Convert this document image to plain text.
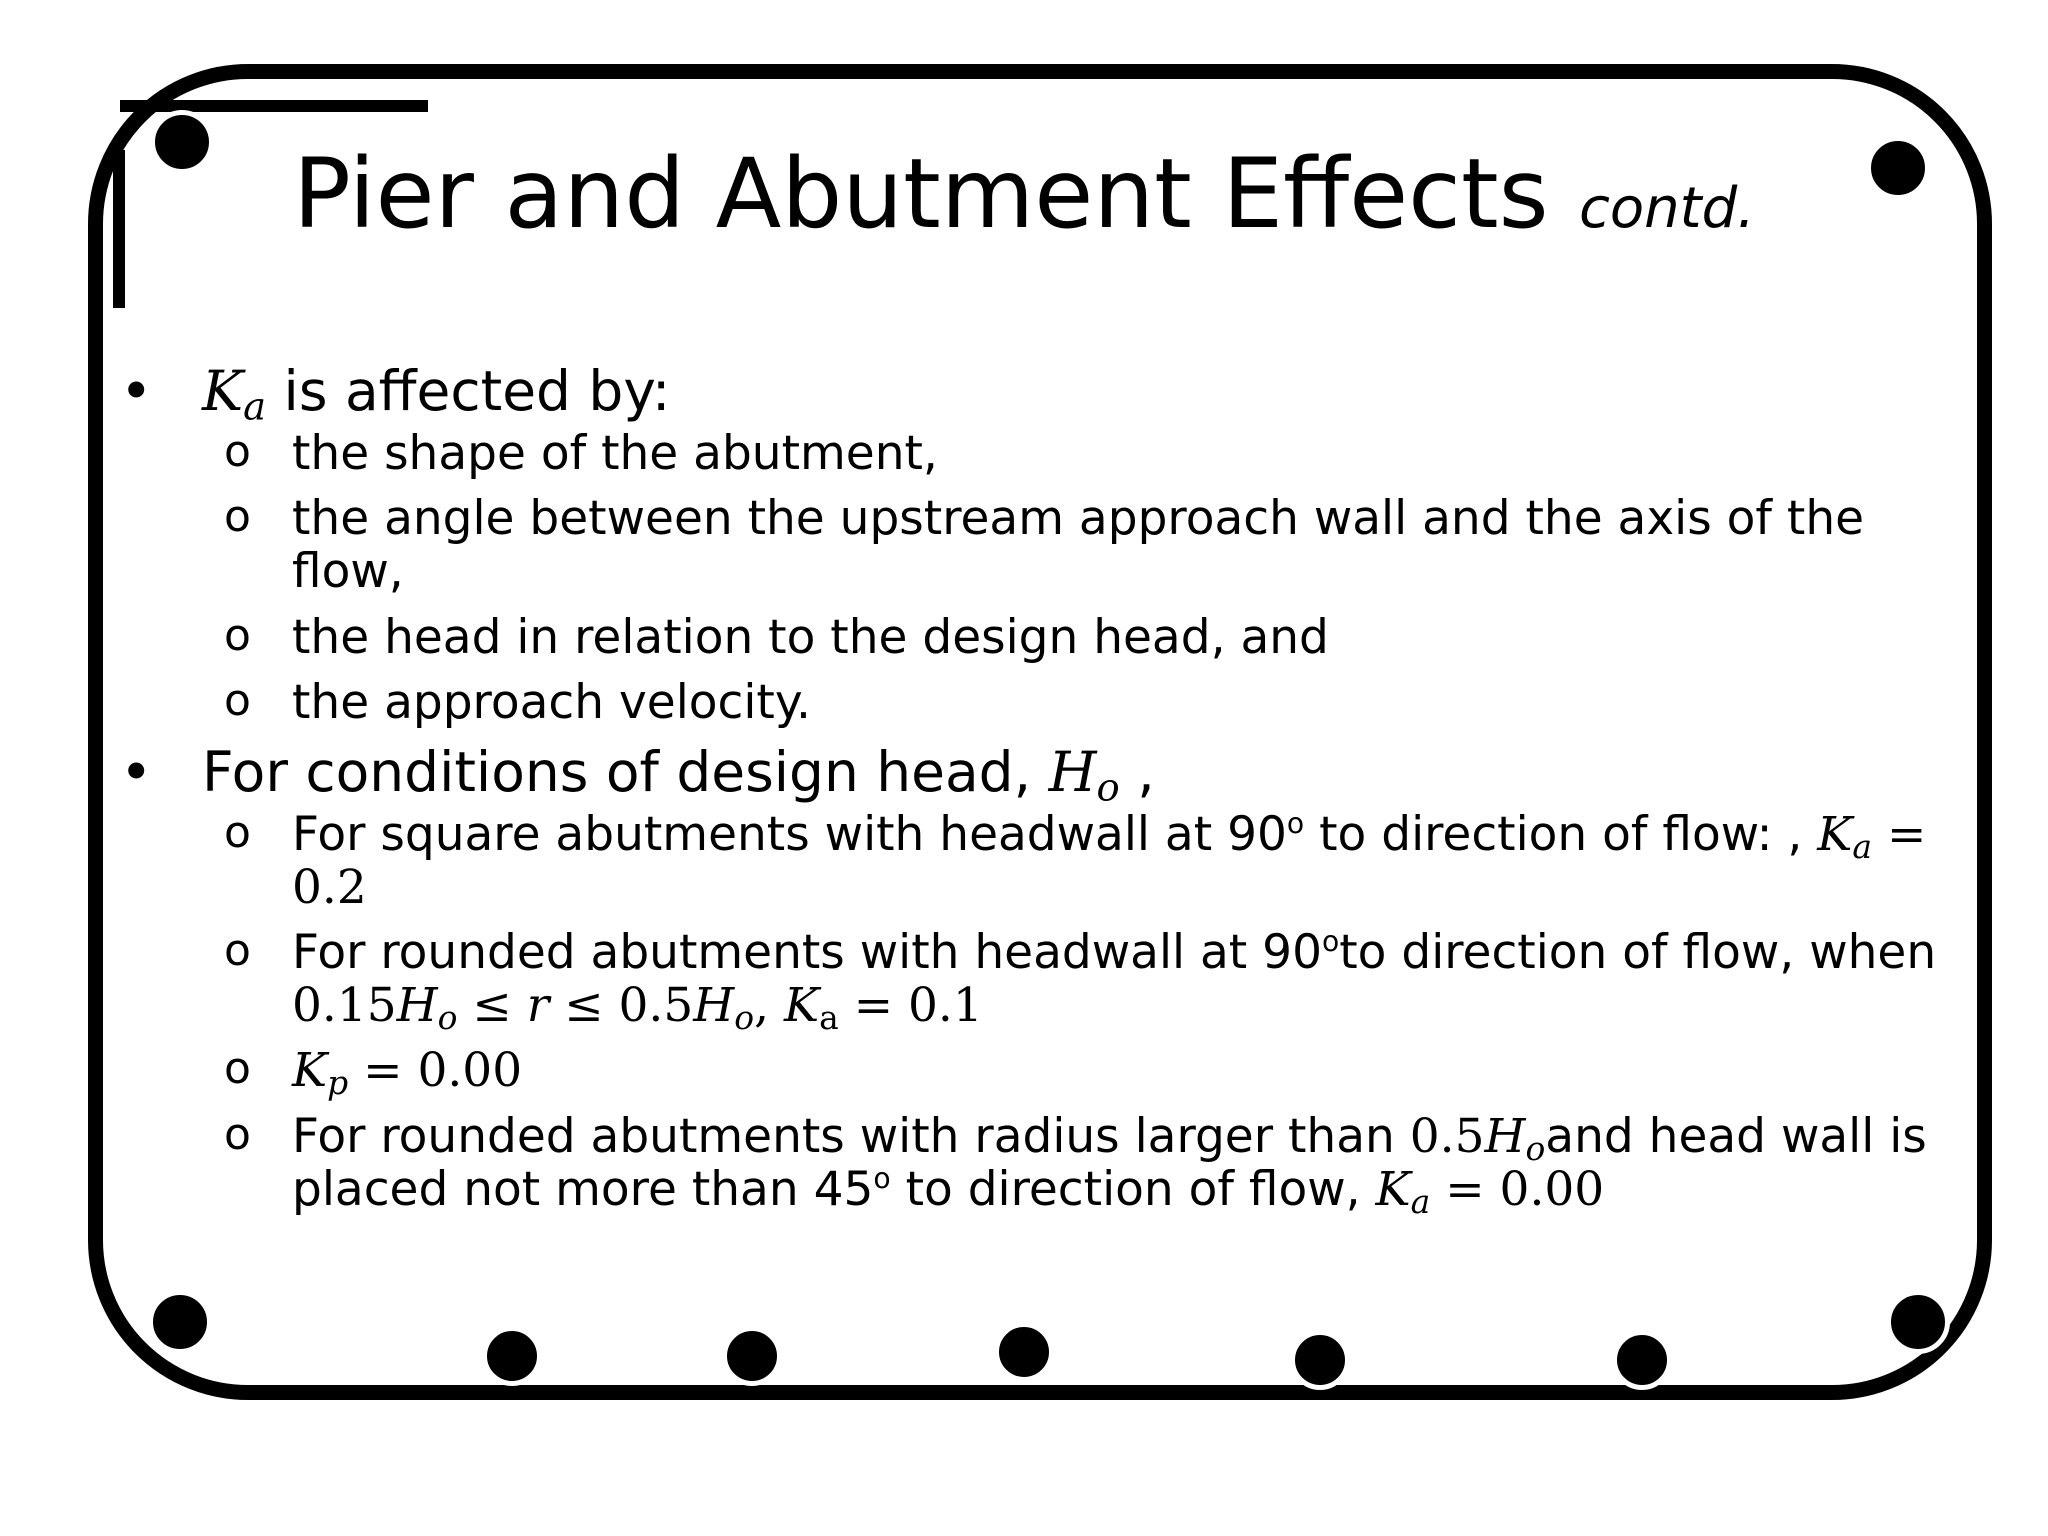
Pier and Abutment Effects contd.
• $K_a$ is affected by:
o the shape of the abutment,
o the angle between the upstream approach wall and the axis of the flow,
o the head in relation to the design head, and
o the approach velocity.
• For conditions of design head, $H_o$ ,
o For square abutments with headwall at 90$^o$ to direction of flow: , $K_a = 0.2$
o For rounded abutments with headwall at 90$^o$to direction of flow, when $0.15H_o \le r \le 0.5H_o$, $K_a = 0.1$
o $K_p = 0.00$
o For rounded abutments with radius larger than $0.5H_oand$ head wall is placed not more than 45$^o$ to direction of flow, $K_a = 0.00$
